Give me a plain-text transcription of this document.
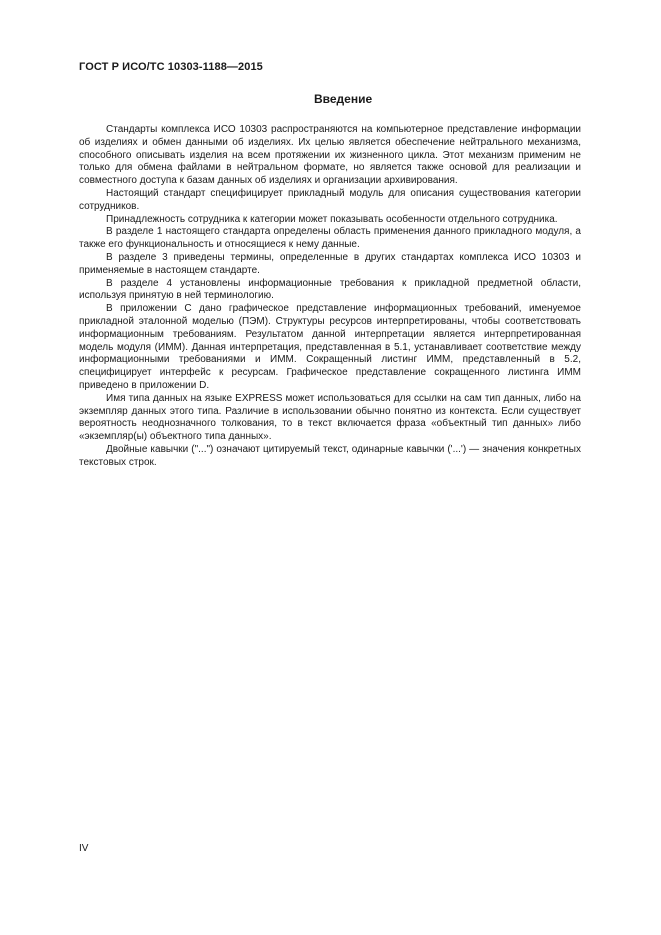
ГОСТ Р ИСО/ТС 10303-1188—2015
Введение

Стандарты комплекса ИСО 10303 распространяются на компьютерное представление информации об изделиях и обмен данными об изделиях. Их целью является обеспечение нейтрального механизма, способного описывать изделия на всем протяжении их жизненного цикла. Этот механизм применим не только для обмена файлами в нейтральном формате, но является также основой для реализации и совместного доступа к базам данных об изделиях и организации архивирования.

Настоящий стандарт специфицирует прикладный модуль для описания существования категории сотрудников.

Принадлежность сотрудника к категории может показывать особенности отдельного сотрудника.

В разделе 1 настоящего стандарта определены область применения данного прикладного модуля, а также его функциональность и относящиеся к нему данные.

В разделе 3 приведены термины, определенные в других стандартах комплекса ИСО 10303 и применяемые в настоящем стандарте.

В разделе 4 установлены информационные требования к прикладной предметной области, используя принятую в ней терминологию.

В приложении С дано графическое представление информационных требований, именуемое прикладной эталонной моделью (ПЭМ). Структуры ресурсов интерпретированы, чтобы соответствовать информационным требованиям. Результатом данной интерпретации является интерпретированная модель модуля (ИММ). Данная интерпретация, представленная в 5.1, устанавливает соответствие между информационными требованиями и ИММ. Сокращенный листинг ИММ, представленный в 5.2, специфицирует интерфейс к ресурсам. Графическое представление сокращенного листинга ИММ приведено в приложении D.

Имя типа данных на языке EXPRESS может использоваться для ссылки на сам тип данных, либо на экземпляр данных этого типа. Различие в использовании обычно понятно из контекста. Если существует вероятность неоднозначного толкования, то в текст включается фраза «объектный тип данных» либо «экземпляр(ы) объектного типа данных».

Двойные кавычки ("...") означают цитируемый текст, одинарные кавычки ('...') — значения конкретных текстовых строк.

IV
